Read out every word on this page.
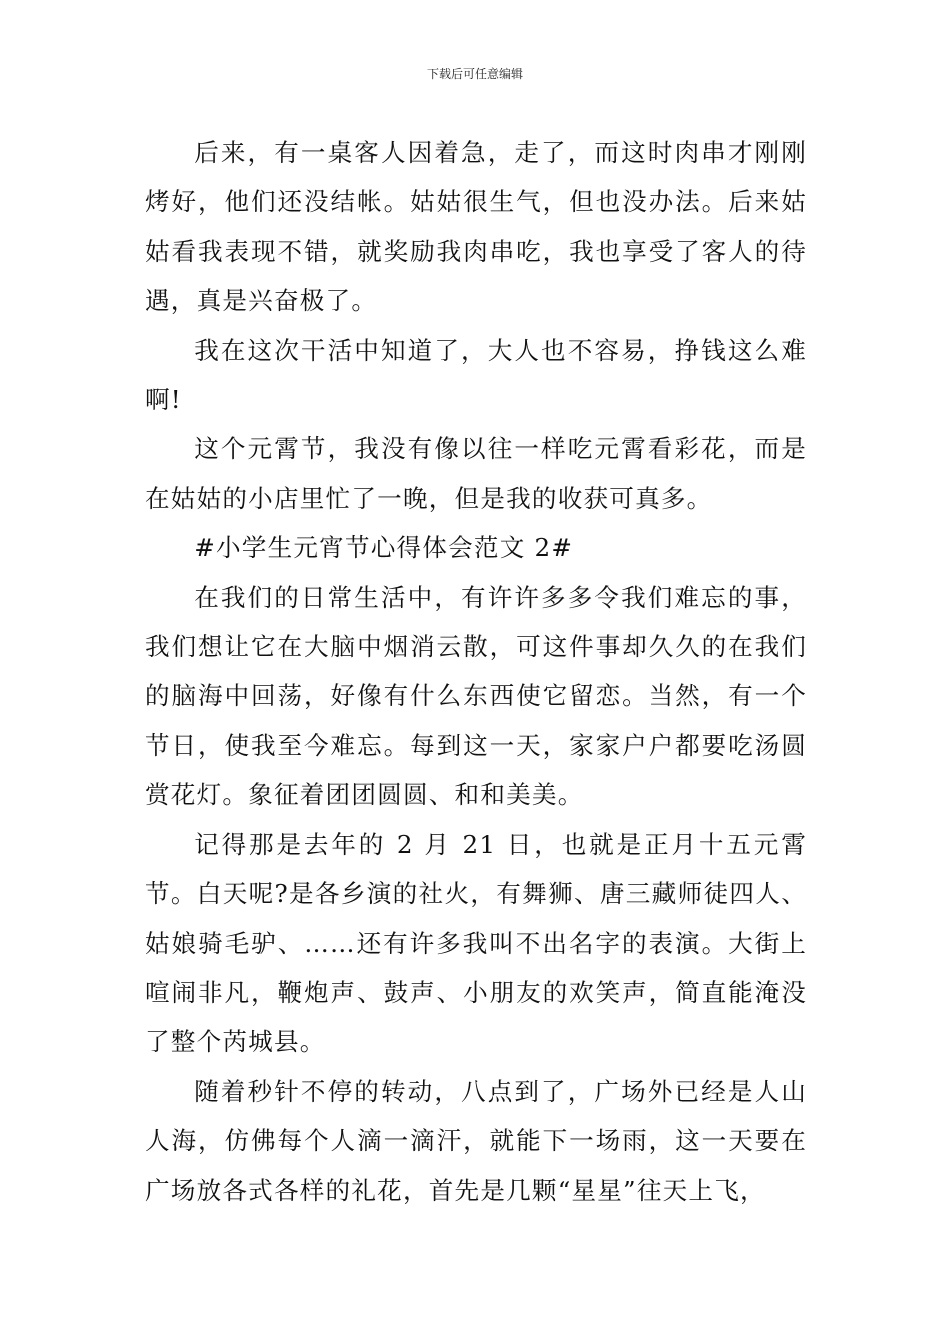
下载后可任意编辑

后来，有一桌客人因着急，走了，而这时肉串才刚刚烤好，他们还没结帐。姑姑很生气，但也没办法。后来姑姑看我表现不错，就奖励我肉串吃，我也享受了客人的待遇，真是兴奋极了。

我在这次干活中知道了，大人也不容易，挣钱这么难啊!

这个元霄节，我没有像以往一样吃元霄看彩花，而是在姑姑的小店里忙了一晚，但是我的收获可真多。

#小学生元宵节心得体会范文 2#

在我们的日常生活中，有许许多多令我们难忘的事，我们想让它在大脑中烟消云散，可这件事却久久的在我们的脑海中回荡，好像有什么东西使它留恋。当然，有一个节日，使我至今难忘。每到这一天，家家户户都要吃汤圆赏花灯。象征着团团圆圆、和和美美。

记得那是去年的 2 月 21 日，也就是正月十五元霄节。白天呢?是各乡演的社火，有舞狮、唐三藏师徒四人、姑娘骑毛驴、……还有许多我叫不出名字的表演。大街上喧闹非凡，鞭炮声、鼓声、小朋友的欢笑声，简直能淹没了整个芮城县。

随着秒针不停的转动，八点到了，广场外已经是人山人海，仿佛每个人滴一滴汗，就能下一场雨，这一天要在广场放各式各样的礼花，首先是几颗“星星”往天上飞，
